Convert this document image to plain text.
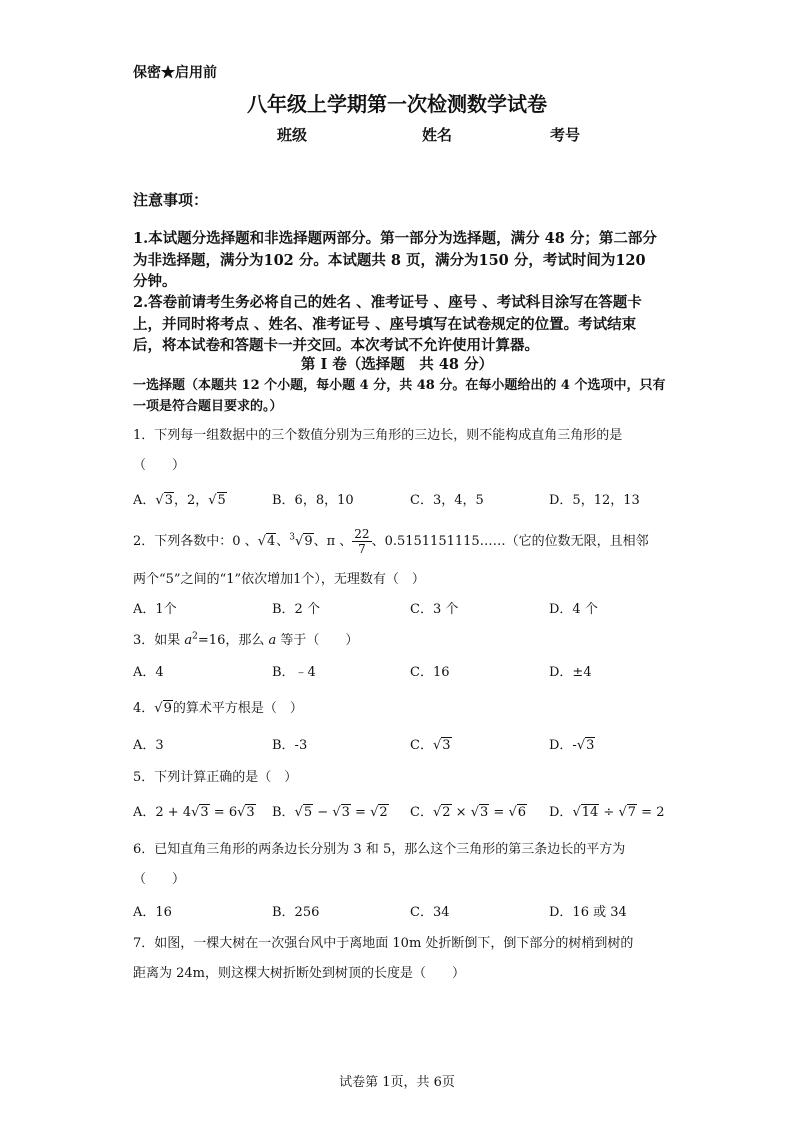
保密★启用前
八年级上学期第一次检测数学试卷
班级	姓名	考号
注意事项：
1.本试题分选择题和非选择题两部分。第一部分为选择题，满分 48 分；第二部分为非选择题，满分为102 分。本试题共 8 页，满分为150 分，考试时间为120 分钟。
2.答卷前请考生务必将自己的姓名 、准考证号 、座号 、考试科目涂写在答题卡上，并同时将考点 、姓名、准考证号 、座号填写在试卷规定的位置。考试结束后，将本试卷和答题卡一并交回。本次考试不允许使用计算器。
第 I 卷（选择题　共 48 分）
一选择题（本题共 12 个小题，每小题 4 分，共 48 分。在每小题给出的 4 个选项中，只有一项是符合题目要求的。）
1．下列每一组数据中的三个数值分别为三角形的三边长，则不能构成直角三角形的是
（　　）
A．√3，2，√5	B．6，8，10	C．3，4，5	D．5，12，13
2．下列各数中：0 、√4、$^3$√9、π 、 $\frac{22}{7}$ 、0.5151151115……（它的位数无限，且相邻
两个“5”之间的“1”依次增加1个），无理数有（　）
A．1个	B．2 个	C．3 个	D．4 个
3．如果 $a^2=16$，那么 a 等于（　　）
A．4	B．﹣4	C．16	D．±4
4．√9的算术平方根是（　）
A．3	B．-3	C．√3	D．-√3
5．下列计算正确的是（　）
A．2 + 4√3 = 6√3 B．√5 − √3 = √2 C．√2 × √3 = √6 D．√14 ÷ √7 = 2
6．已知直角三角形的两条边长分别为 3 和 5，那么这个三角形的第三条边长的平方为
（　　）
A．16	B．256	C．34	D．16 或 34
7．如图，一棵大树在一次强台风中于离地面 10m 处折断倒下，倒下部分的树梢到树的
距离为 24m，则这棵大树折断处到树顶的长度是（　　）
试卷第 1页，共 6页
